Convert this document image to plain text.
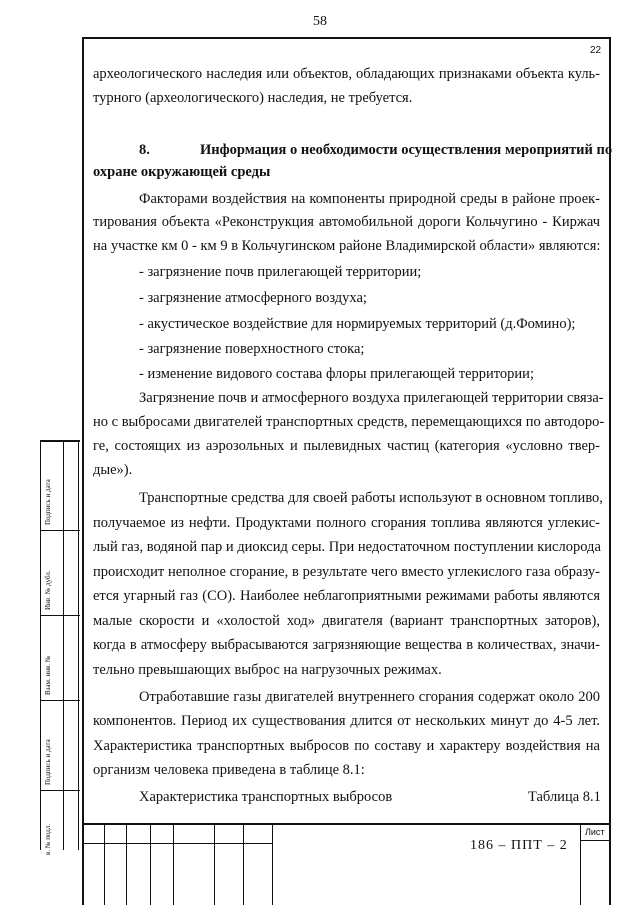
58
22
археологического наследия или объектов, обладающих признаками объекта куль-
турного (археологического) наследия, не требуется.
8.	Информация о необходимости осуществления мероприятий по
охране окружающей среды
Факторами воздействия на компоненты природной среды в районе проек-
тирования объекта «Реконструкция автомобильной дороги Кольчугино - Киржач
на участке км 0 - км 9 в Кольчугинском районе Владимирской области» являются:
- загрязнение почв прилегающей территории;
- загрязнение атмосферного воздуха;
- акустическое воздействие для нормируемых территорий (д.Фомино);
- загрязнение поверхностного стока;
- изменение видового состава флоры прилегающей территории;
Загрязнение почв и атмосферного воздуха прилегающей территории связа-
но с выбросами двигателей транспортных средств, перемещающихся по автодоро-
ге, состоящих из аэрозольных и пылевидных частиц (категория «условно твер-
дые»).
Транспортные средства для своей работы используют в основном топливо,
получаемое из нефти. Продуктами полного сгорания топлива являются углекис-
лый газ, водяной пар и диоксид серы. При недостаточном поступлении кислорода
происходит неполное сгорание, в результате чего вместо углекислого газа образу-
ется угарный газ (СО). Наиболее неблагоприятными режимами работы являются
малые скорости и «холостой ход» двигателя (вариант транспортных заторов),
когда в атмосферу выбрасываются загрязняющие вещества в количествах, значи-
тельно превышающих выброс на нагрузочных режимах.
Отработавшие газы двигателей внутреннего сгорания содержат около 200
компонентов. Период их существования длится от нескольких минут до 4-5 лет.
Характеристика транспортных выбросов по составу и характеру воздействия на
организм человека приведена в таблице 8.1:
Характеристика транспортных выбросов	Таблица 8.1
Подпись и дата
Инв. № дубл.
Взам. инв. №
Подпись и дата
в. № подл.	Лист
186 – ППТ – 2
